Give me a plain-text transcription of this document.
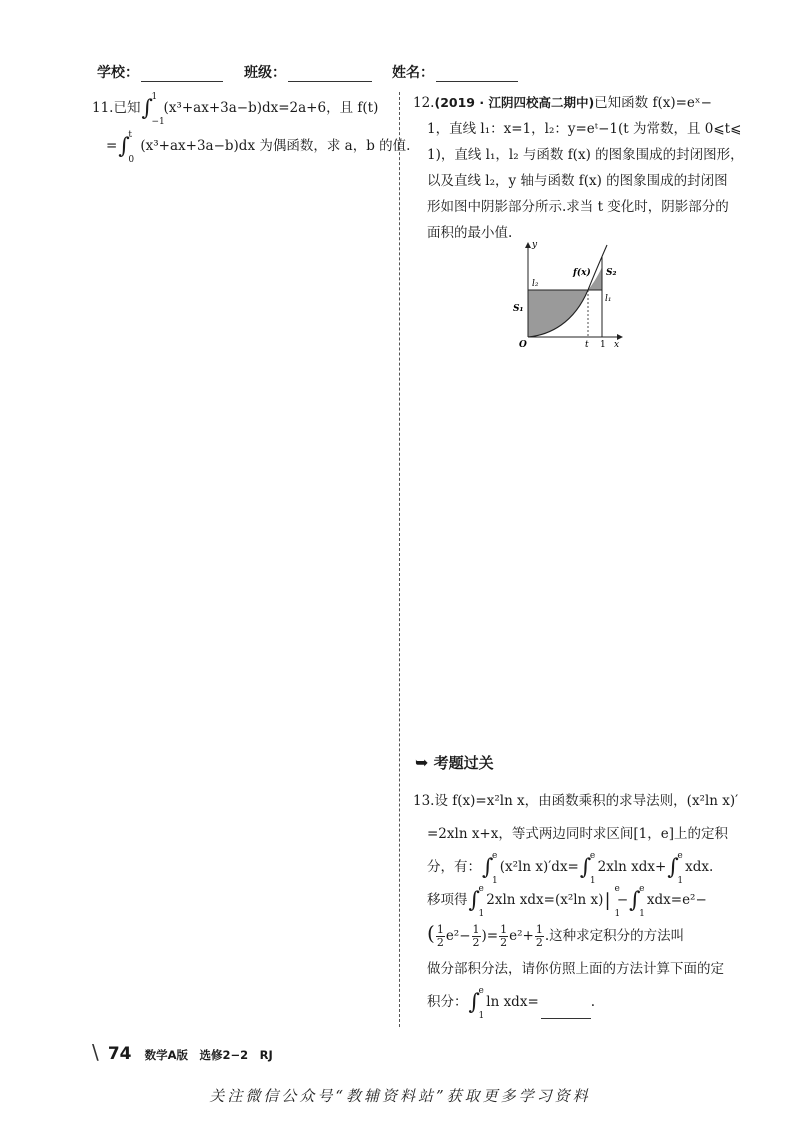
学校：	班级：	姓名：
11.已知∫
1
−1
(x³+ax+3a−b)dx=2a+6，且 f(t)
=∫
t
0
(x³+ax+3a−b)dx 为偶函数，求 a，b 的值.
12.(2019 · 江阴四校高二期中)已知函数 f(x)=eˣ−
1，直线 l₁：x=1，l₂：y=eᵗ−1(t 为常数，且 0⩽t⩽
1)，直线 l₁，l₂ 与函数 f(x) 的图象围成的封闭图形，
以及直线 l₂，y 轴与函数 f(x) 的图象围成的封闭图
形如图中阴影部分所示.求当 t 变化时，阴影部分的
面积的最小值.
y
x
O	t 1
l₂
l₁
S₁
S₂
f(x)
➥ 考题过关
13.设 f(x)=x²ln x，由函数乘积的求导法则，(x²ln x)′
=2xln x+x，等式两边同时求区间[1，e]上的定积
分，有：∫
e
1
(x²ln x)′dx=∫
e
1
2xln xdx+∫
e
1
xdx.
移项得∫
e
1
2xln xdx=(x²ln x)|
e
1
−∫
e
1
xdx=e²−
( $\frac{1}{2} e^2- \frac{1}{2}$ )= $\frac{1}{2} e^2+ \frac{1}{2}$ .这种求定积分的方法叫
做分部积分法，请你仿照上面的方法计算下面的定
积分：∫
e
1
ln xdx=	.
\ 74 数学A版　选修2−2　RJ
关注微信公众号“教辅资料站”获取更多学习资料
